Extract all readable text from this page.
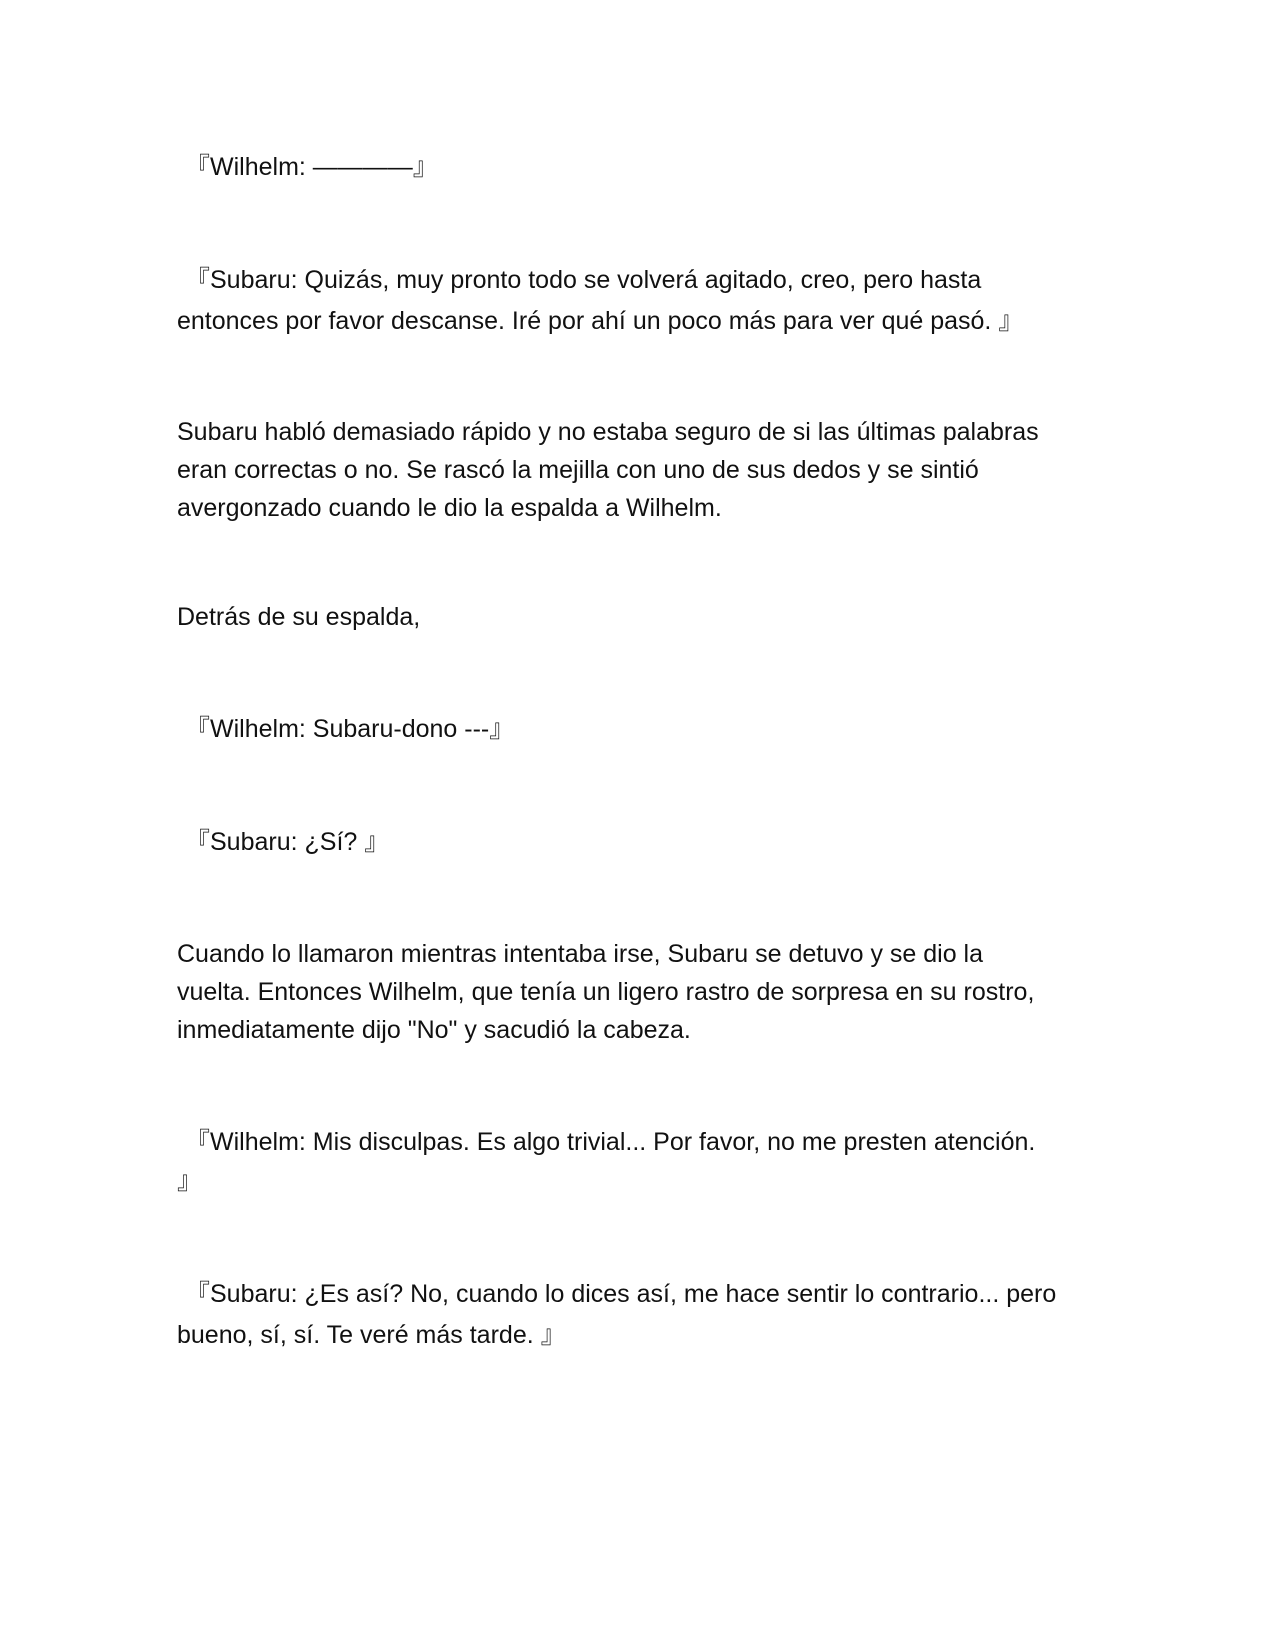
『Wilhelm: ————』

『Subaru: Quizás, muy pronto todo se volverá agitado, creo, pero hasta

entonces por favor descanse. Iré por ahí un poco más para ver qué pasó. 』

Subaru habló demasiado rápido y no estaba seguro de si las últimas palabras

eran correctas o no. Se rascó la mejilla con uno de sus dedos y se sintió

avergonzado cuando le dio la espalda a Wilhelm.

Detrás de su espalda,

『Wilhelm: Subaru-dono ---』

『Subaru: ¿Sí? 』

Cuando lo llamaron mientras intentaba irse, Subaru se detuvo y se dio la

vuelta. Entonces Wilhelm, que tenía un ligero rastro de sorpresa en su rostro,

inmediatamente dijo "No" y sacudió la cabeza.

『Wilhelm: Mis disculpas. Es algo trivial... Por favor, no me presten atención.

』

『Subaru: ¿Es así? No, cuando lo dices así, me hace sentir lo contrario... pero

bueno, sí, sí. Te veré más tarde. 』
